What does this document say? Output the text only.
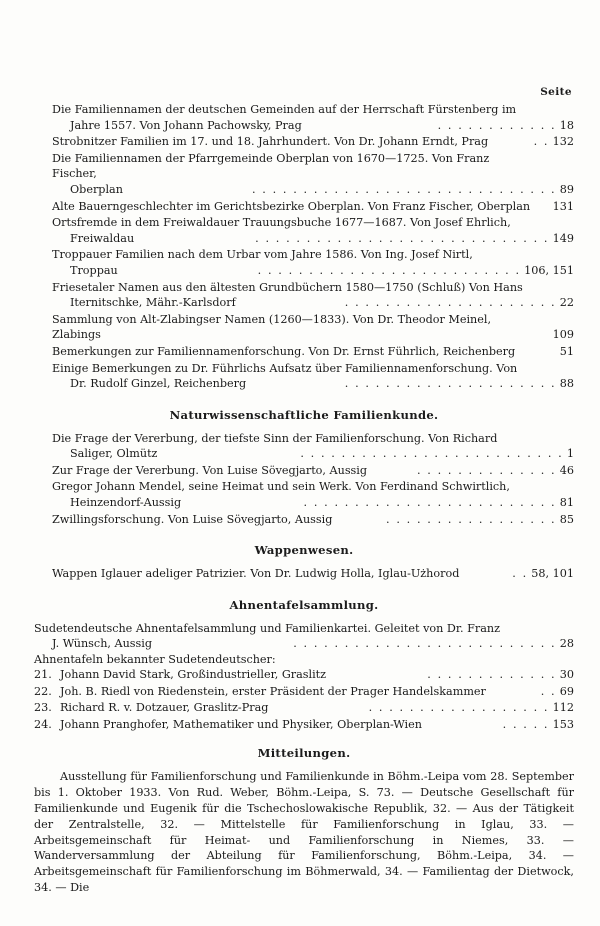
Seite
Die Familiennamen der deutschen Gemeinden auf der Herrschaft Fürstenberg im
Jahre 1557. Von Johann Pachowsky, Prag	. . . . . . . . . . . . 18
Strobnitzer Familien im 17. und 18. Jahrhundert. Von Dr. Johann Erndt, Prag	. . 132
Die Familiennamen der Pfarrgemeinde Oberplan von 1670—1725. Von Franz Fischer,
Oberplan	. . . . . . . . . . . . . . . . . . . . . . . . . . . . . . 89
Alte Bauerngeschlechter im Gerichtsbezirke Oberplan. Von Franz Fischer, Oberplan	131
Ortsfremde in dem Freiwaldauer Trauungsbuche 1677—1687. Von Josef Ehrlich,
Freiwaldau	. . . . . . . . . . . . . . . . . . . . . . . . . . . . . 149
Troppauer Familien nach dem Urbar vom Jahre 1586. Von Ing. Josef Nirtl,
Troppau	. . . . . . . . . . . . . . . . . . . . . . . . . . 106, 151
Friesetaler Namen aus den ältesten Grundbüchern 1580—1750 (Schluß) Von Hans
Iternitschke, Mähr.-Karlsdorf	. . . . . . . . . . . . . . . . . . . . . 22
Sammlung von Alt-Zlabingser Namen (1260—1833). Von Dr. Theodor Meinel, Zlabings	109
Bemerkungen zur Familiennamenforschung. Von Dr. Ernst Führlich, Reichenberg	51
Einige Bemerkungen zu Dr. Führlichs Aufsatz über Familiennamenforschung. Von
Dr. Rudolf Ginzel, Reichenberg	. . . . . . . . . . . . . . . . . . . . . 88
Naturwissenschaftliche Familienkunde.
Die Frage der Vererbung, der tiefste Sinn der Familienforschung. Von Richard
Saliger, Olmütz	. . . . . . . . . . . . . . . . . . . . . . . . . . 1
Zur Frage der Vererbung. Von Luise Sövegjarto, Aussig	. . . . . . . . . . . . . . 46
Gregor Johann Mendel, seine Heimat und sein Werk. Von Ferdinand Schwirtlich,
Heinzendorf-Aussig	. . . . . . . . . . . . . . . . . . . . . . . . . 81
Zwillingsforschung. Von Luise Sövegjarto, Aussig	. . . . . . . . . . . . . . . . . 85
Wappenwesen.
Wappen Iglauer adeliger Patrizier. Von Dr. Ludwig Holla, Iglau-Użhorod	. . 58, 101
Ahnentafelsammlung.
Sudetendeutsche Ahnentafelsammlung und Familienkartei. Geleitet von Dr. Franz
J. Wünsch, Aussig	. . . . . . . . . . . . . . . . . . . . . . . . . . 28
Ahnentafeln bekannter Sudetendeutscher:
21. Johann David Stark, Großindustrieller, Graslitz	. . . . . . . . . . . . . 30
22. Joh. B. Riedl von Riedenstein, erster Präsident der Prager Handelskammer	. . 69
23. Richard R. v. Dotzauer, Graslitz-Prag	. . . . . . . . . . . . . . . . . . 112
24. Johann Pranghofer, Mathematiker und Physiker, Oberplan-Wien	. . . . . 153
Mitteilungen.
Ausstellung für Familienforschung und Familienkunde in Böhm.-Leipa vom 28. September bis 1. Oktober 1933. Von Rud. Weber, Böhm.-Leipa, S. 73. — Deutsche Gesellschaft für Familienkunde und Eugenik für die Tschechoslowakische Republik, 32. — Aus der Tätigkeit der Zentralstelle, 32. — Mittelstelle für Familienforschung in Iglau, 33. — Arbeitsgemeinschaft für Heimat- und Familienforschung in Niemes, 33. — Wanderversammlung der Abteilung für Familienforschung, Böhm.-Leipa, 34. — Arbeitsgemeinschaft für Familienforschung im Böhmerwald, 34. — Familientag der Dietwock, 34. — Die
